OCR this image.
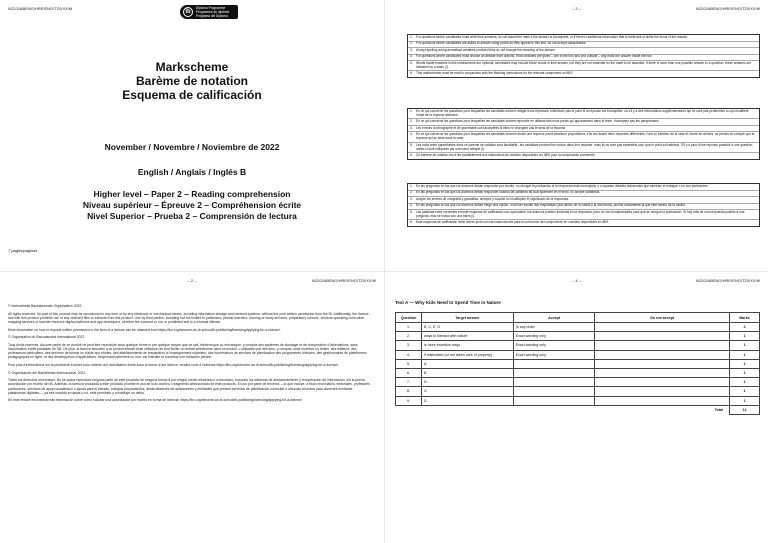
N22/2/ABENG/HRE/ENG/TZ0/XX/M
ib
Diploma Programme
Programme du diplôme
Programa del Diploma
Markscheme
Barème de notation
Esquema de calificación
November / Novembre / Noviembre de 2022
English / Anglais / Inglés B
Higher level – Paper 2 – Reading comprehension
Niveau supérieur – Épreuve 2 – Compréhension écrite
Nivel Superior – Prueba 2 – Comprensión de lectura
7 pages/páginas
– 3 –	N22/2/ABENG/HRE/ENG/TZ0/XX/M
1.	For questions where candidates must write their answers, do not award the mark if the answer is incomplete, or if there is additional information that is irrelevant or shifts the focus of the answer.
2.	For questions where candidates are asked to answer using words as they appear in this text, do not accept paraphrases.
3.	Accept spelling and grammatical mistakes provided they do not change the meaning of the answer.
4.	For questions where candidates must choose an answer from options, if two answers are given – one in the box and one outside – only mark the answer inside the box.
5.	Words inside brackets in this markscheme are optional; candidates may include these words in their answer, but they are not essential for the mark to be awarded. If there is more than one possible answer to a question, these answers are indicated by a slash (/).
6.	This markscheme must be read in conjunction with the Marking Instructions for the relevant component on IBIS.
1.	En ce qui concerne les questions pour lesquelles les candidats doivent rédiger leurs réponses, n'attribuez pas le point si la réponse est incomplète, ou s'il y a des informations supplémentaires qui ne sont pas pertinentes ou qui modifient l'objet de la réponse attendue.
2.	En ce qui concerne les questions pour lesquelles les candidats doivent répondre en utilisant des mots précis qui apparaissent dans le texte, n'acceptez pas les paraphrases.
3.	Les erreurs d'orthographe et de grammaire sont acceptées si elles ne changent pas le sens de la réponse.
4.	En ce qui concerne les questions pour lesquelles les candidats doivent choisir une réponse parmi plusieurs propositions, s'ils ont donné deux réponses différentes, l'une à l'intérieur de la case et l'autre en-dehors, ne prenez en compte que la réponse qui se situe dans la case.
5.	Les mots entre parenthèses dans ce barème de notation sont facultatifs : les candidats peuvent les inclure dans leur réponse, mais ils ne sont pas essentiels pour que le point soit attribué. S'il y a plus d'une réponse possible à une question, celles-ci sont indiquées par une barre oblique (/).
6.	Ce barème de notation est à lire parallèlement aux instructions de notation disponibles sur IBIS pour la composante concernée.
1.	En las preguntas en las que los alumnos deban responder por escrito, no otorgue la puntuación si la respuesta está incompleta, o si aportan detalles adicionales que cambian el enfoque o no son pertinentes.
2.	En las preguntas en las que los alumnos deban responder usando las palabras tal cual aparecen en el texto, no acepte paráfrasis.
3.	Acepte los errores de ortografía y gramática, siempre y cuando no modifiquen el significado de la respuesta.
4.	En las preguntas en las que los alumnos deban elegir una opción, si se han escrito dos respuestas (una dentro de la casilla y la otra fuera), puntúe únicamente la que esté dentro de la casilla.
5.	Las palabras entre corchetes en este esquema de calificación son opcionales: los alumnos pueden incluirlas en la respuesta, pero no son fundamentales para que se otorgue la puntuación. Si hay más de una respuesta posible a una pregunta, esto se indica con una barra (/).
6.	Este esquema de calificación debe leerse junto con las instrucciones para la corrección del componente en cuestión disponibles en IBIS.
– 2 –	N22/2/ABENG/HRE/ENG/TZ0/XX/M

© International Baccalaureate Organization 2022

All rights reserved. No part of this product may be reproduced in any form or by any electronic or mechanical means, including information storage and retrieval systems, without the prior written permission from the IB. Additionally, the license tied with this product prohibits use of any selected files or extracts from this product. Use by third parties, including but not limited to publishers, private teachers, tutoring or study services, preparatory schools, vendors operating curriculum mapping services or teacher resource digital platforms and app developers, whether fee-covered or not, is prohibited and is a criminal offense.

More information on how to request written permission in the form of a license can be obtained from https://ibo.org/become-an-ib-school/ib-publishing/licensing/applying-for-a-license/.

© Organisation du Baccalauréat International 2022

Tous droits réservés. Aucune partie de ce produit ne peut être reproduite sous quelque forme ni par quelque moyen que ce soit, électronique ou mécanique, y compris des systèmes de stockage et de récupération d'informations, sans l'autorisation écrite préalable de l'IB. De plus, la licence associée à ce produit interdit toute utilisation de tout fichier ou extrait sélectionné dans ce produit. L'utilisation par des tiers, y compris, sans toutefois s'y limiter, des éditeurs, des professeurs particuliers, des services de tutorat ou d'aide aux études, des établissements de préparation à l'enseignement supérieur, des fournisseurs de services de planification des programmes d'études, des gestionnaires de plateformes pédagogiques en ligne, et des développeurs d'applications, moyennant paiement ou non, est interdite et constitue une infraction pénale.

Pour plus d'informations sur la procédure à suivre pour obtenir une autorisation écrite sous la forme d'une licence, rendez-vous à l'adresse https://ibo.org/become-an-ib-school/ib-publishing/licensing/applying-for-a-license/.

© Organización del Bachillerato Internacional, 2022

Todos los derechos reservados. No se podrá reproducir ninguna parte de este producto de ninguna forma ni por ningún medio electrónico o mecánico, incluidos los sistemas de almacenamiento y recuperación de información, sin la previa autorización por escrito del IB. Además, la licencia vinculada a este producto prohíbe el uso de todo archivo o fragmento seleccionado de este producto. El uso por parte de terceros —lo que incluye, a título enunciativo, editoriales, profesores particulares, servicios de apoyo académico o ayuda para el estudio, colegios preparatorios, desarrolladores de aplicaciones y entidades que presten servicios de planificación curricular u ofrezcan recursos para docentes mediante plataformas digitales—, ya sea incluido en tasas o no, está prohibido y constituye un delito.

En este enlace encontrará más información sobre cómo solicitar una autorización por escrito en forma de licencia: https://ibo.org/become-an-ib-school/ib-publishing/licensing/applying-for-a-license/.

– 4 –	N22/2/ABENG/HRE/ENG/TZ0/XX/M
Text A — Why Kids Need to Spend Time in Nature
Question	Target answer	Accept	Do not accept	Marks
1.	B, C, E, G	In any order		4
2.	ways to interact with nature	Exact wording only		1
3.	is more inventive ways	Exact wording only		1
4.	if mistreated (or not taken care of property)	Exact wording only		1
5.	A			1
6.	B			1
7.	D			1
8.	G			1
9.	D			1
			Total	12
